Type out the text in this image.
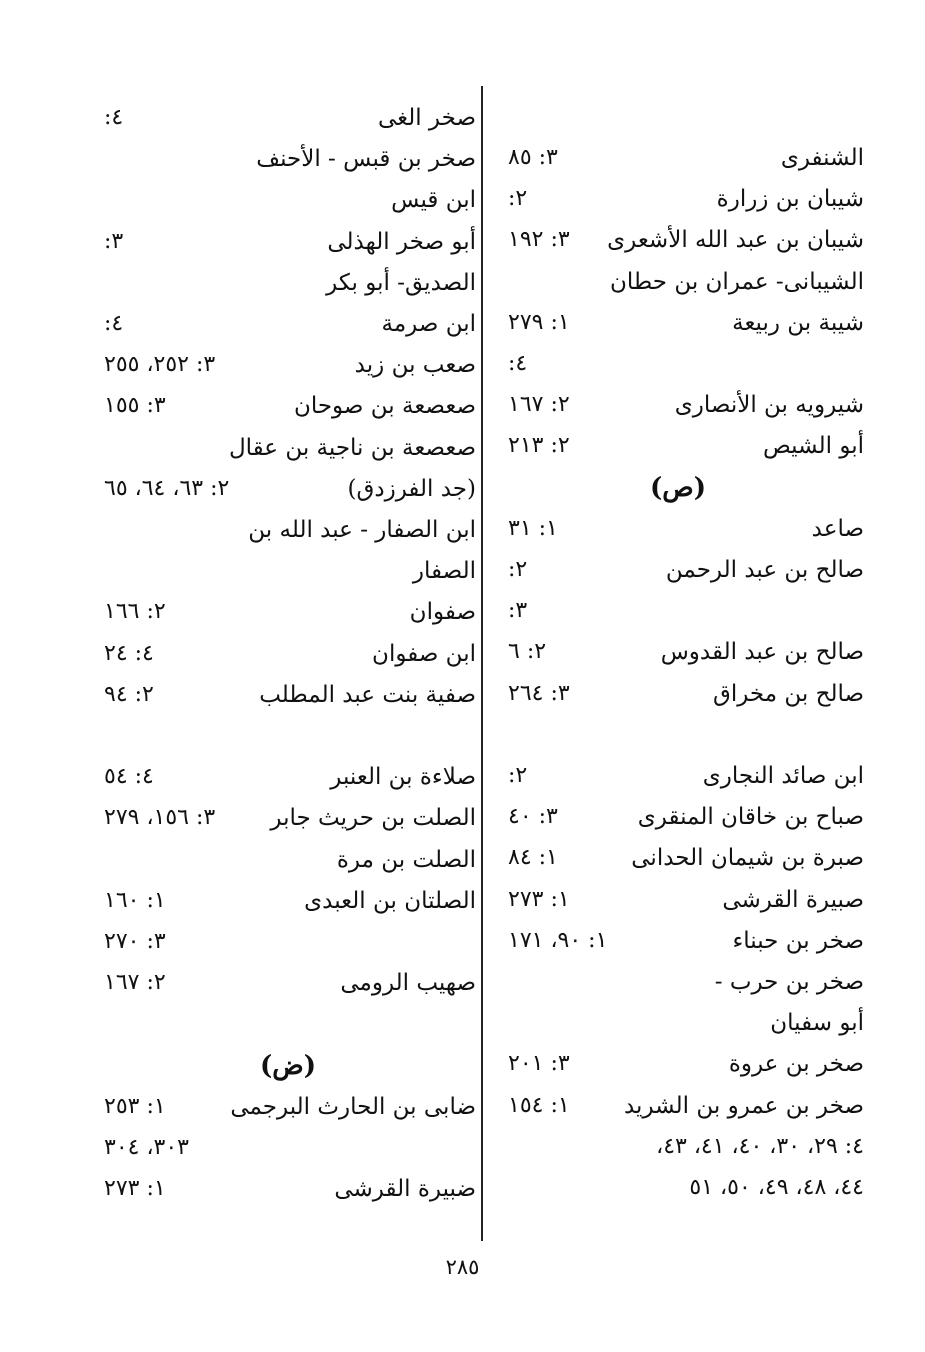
الشنفرى
٣: ٨٥
شيبان بن زرارة
٢:
شيبان بن عبد الله الأشعرى
٣: ١٩٢
الشيبانى- عمران بن حطان
شيبة بن ربيعة
١: ٢٧٩
٤:
شيرويه بن الأنصارى
٢: ١٦٧
أبو الشيص
٢: ٢١٣
(ص)
صاعد
١: ٣١
صالح بن عبد الرحمن
٢:
٣:
صالح بن عبد القدوس
٢: ٦
صالح بن مخراق
٣: ٢٦٤
ابن صائد النجارى
٢:
صباح بن خاقان المنقرى
٣: ٤٠
صبرة بن شيمان الحدانى
١: ٨٤
صبيرة القرشى
١: ٢٧٣
صخر بن حبناء
١: ٩٠، ١٧١
صخر بن حرب -
أبو سفيان
صخر بن عروة
٣: ٢٠١
صخر بن عمرو بن الشريد
١: ١٥٤
٤: ٢٩، ٣٠، ٤٠، ٤١، ٤٣،
٤٤، ٤٨، ٤٩، ٥٠، ٥١
صخر الغى
٤:
صخر بن قبس - الأحنف
ابن قيس
أبو صخر الهذلى
٣:
الصديق- أبو بكر
ابن صرمة
٤:
صعب بن زيد
٣: ٢٥٢، ٢٥٥
صعصعة بن صوحان
٣: ١٥٥
صعصعة بن ناجية بن عقال
(جد الفرزدق)
٢: ٦٣، ٦٤، ٦٥
ابن الصفار - عبد الله بن
الصفار
صفوان
٢: ١٦٦
ابن صفوان
٤: ٢٤
صفية بنت عبد المطلب
٢: ٩٤
صلاءة بن العنبر
٤: ٥٤
الصلت بن حريث جابر
٣: ١٥٦، ٢٧٩
الصلت بن مرة
الصلتان بن العبدى
١: ١٦٠
٣: ٢٧٠
صهيب الرومى
٢: ١٦٧
(ض)
ضابى بن الحارث البرجمى
١: ٢٥٣
٣٠٣، ٣٠٤
ضبيرة القرشى
١: ٢٧٣
٢٨٥
